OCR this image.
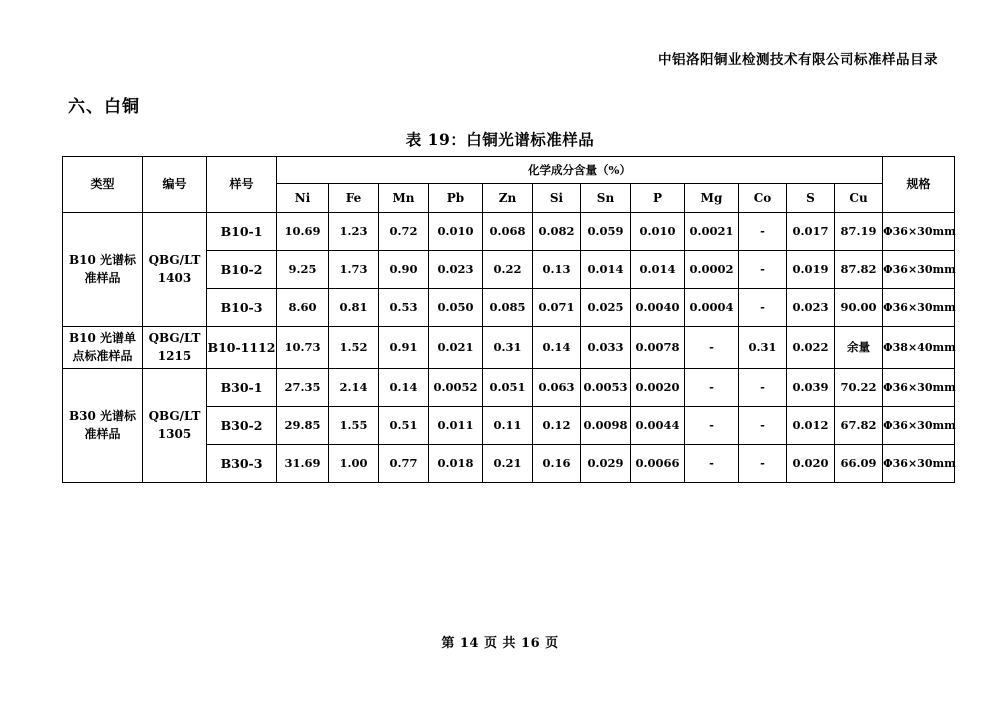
中铝洛阳铜业检测技术有限公司标准样品目录
六、白铜
表 19：白铜光谱标准样品
类型	编号	样号	化学成分含量（%）												规格
			Ni	Fe	Mn	Pb	Zn	Si	Sn	P	Mg	Co	S	Cu	
B10 光谱标准样品	QBG/LT 1403	B10-1	10.69	1.23	0.72	0.010	0.068	0.082	0.059	0.010	0.0021	-	0.017	87.19	Φ36×30mm
		B10-2	9.25	1.73	0.90	0.023	0.22	0.13	0.014	0.014	0.0002	-	0.019	87.82	Φ36×30mm
		B10-3	8.60	0.81	0.53	0.050	0.085	0.071	0.025	0.0040	0.0004	-	0.023	90.00	Φ36×30mm
B10 光谱单点标准样品	QBG/LT 1215	B10-1112	10.73	1.52	0.91	0.021	0.31	0.14	0.033	0.0078	-	0.31	0.022	余量	Φ38×40mm
B30 光谱标准样品	QBG/LT 1305	B30-1	27.35	2.14	0.14	0.0052	0.051	0.063	0.0053	0.0020	-	-	0.039	70.22	Φ36×30mm
		B30-2	29.85	1.55	0.51	0.011	0.11	0.12	0.0098	0.0044	-	-	0.012	67.82	Φ36×30mm
		B30-3	31.69	1.00	0.77	0.018	0.21	0.16	0.029	0.0066	-	-	0.020	66.09	Φ36×30mm
第 14 页 共 16 页
